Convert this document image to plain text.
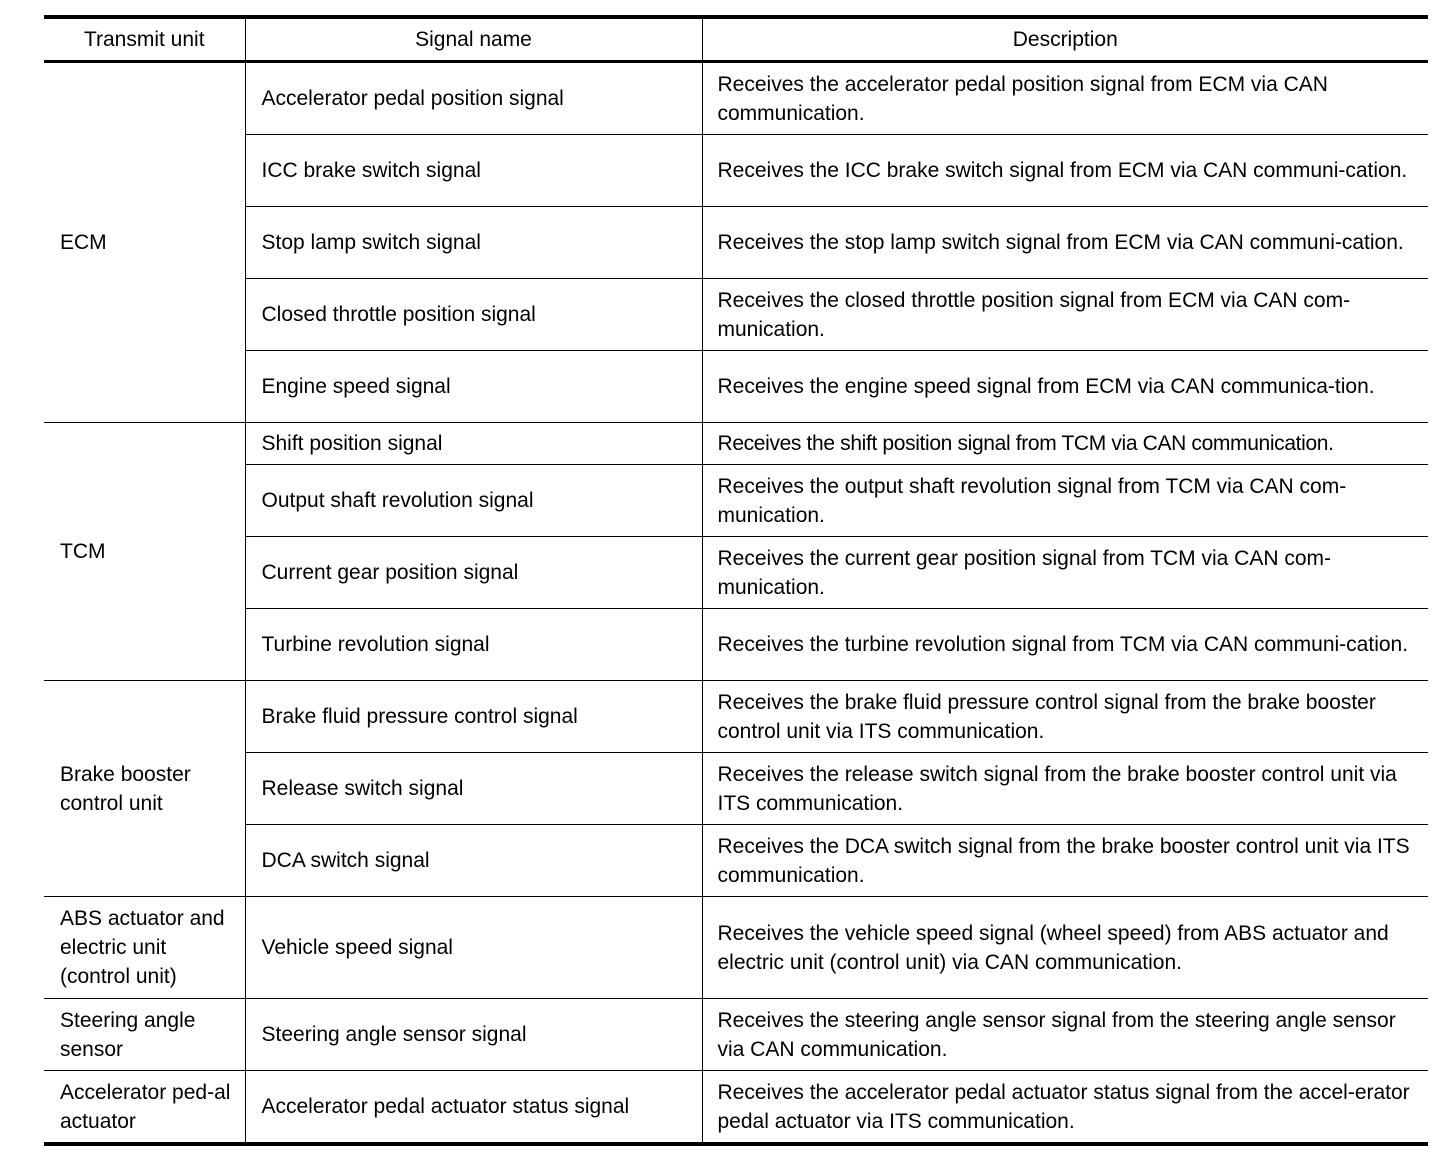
Transmit unit	Signal name	Description
ECM	Accelerator pedal position signal	Receives the accelerator pedal position signal from ECM via CAN communication.
	ICC brake switch signal	Receives the ICC brake switch signal from ECM via CAN communi-cation.
	Stop lamp switch signal	Receives the stop lamp switch signal from ECM via CAN communi-cation.
	Closed throttle position signal	Receives the closed throttle position signal from ECM via CAN com-munication.
	Engine speed signal	Receives the engine speed signal from ECM via CAN communica-tion.
TCM	Shift position signal	Receives the shift position signal from TCM via CAN communication.
	Output shaft revolution signal	Receives the output shaft revolution signal from TCM via CAN com-munication.
	Current gear position signal	Receives the current gear position signal from TCM via CAN com-munication.
	Turbine revolution signal	Receives the turbine revolution signal from TCM via CAN communi-cation.
Brake booster control unit	Brake fluid pressure control signal	Receives the brake fluid pressure control signal from the brake booster control unit via ITS communication.
	Release switch signal	Receives the release switch signal from the brake booster control unit via ITS communication.
	DCA switch signal	Receives the DCA switch signal from the brake booster control unit via ITS communication.
ABS actuator and electric unit (control unit)	Vehicle speed signal	Receives the vehicle speed signal (wheel speed) from ABS actuator and electric unit (control unit) via CAN communication.
Steering angle sensor	Steering angle sensor signal	Receives the steering angle sensor signal from the steering angle sensor via CAN communication.
Accelerator ped-al actuator	Accelerator pedal actuator status signal	Receives the accelerator pedal actuator status signal from the accel-erator pedal actuator via ITS communication.
